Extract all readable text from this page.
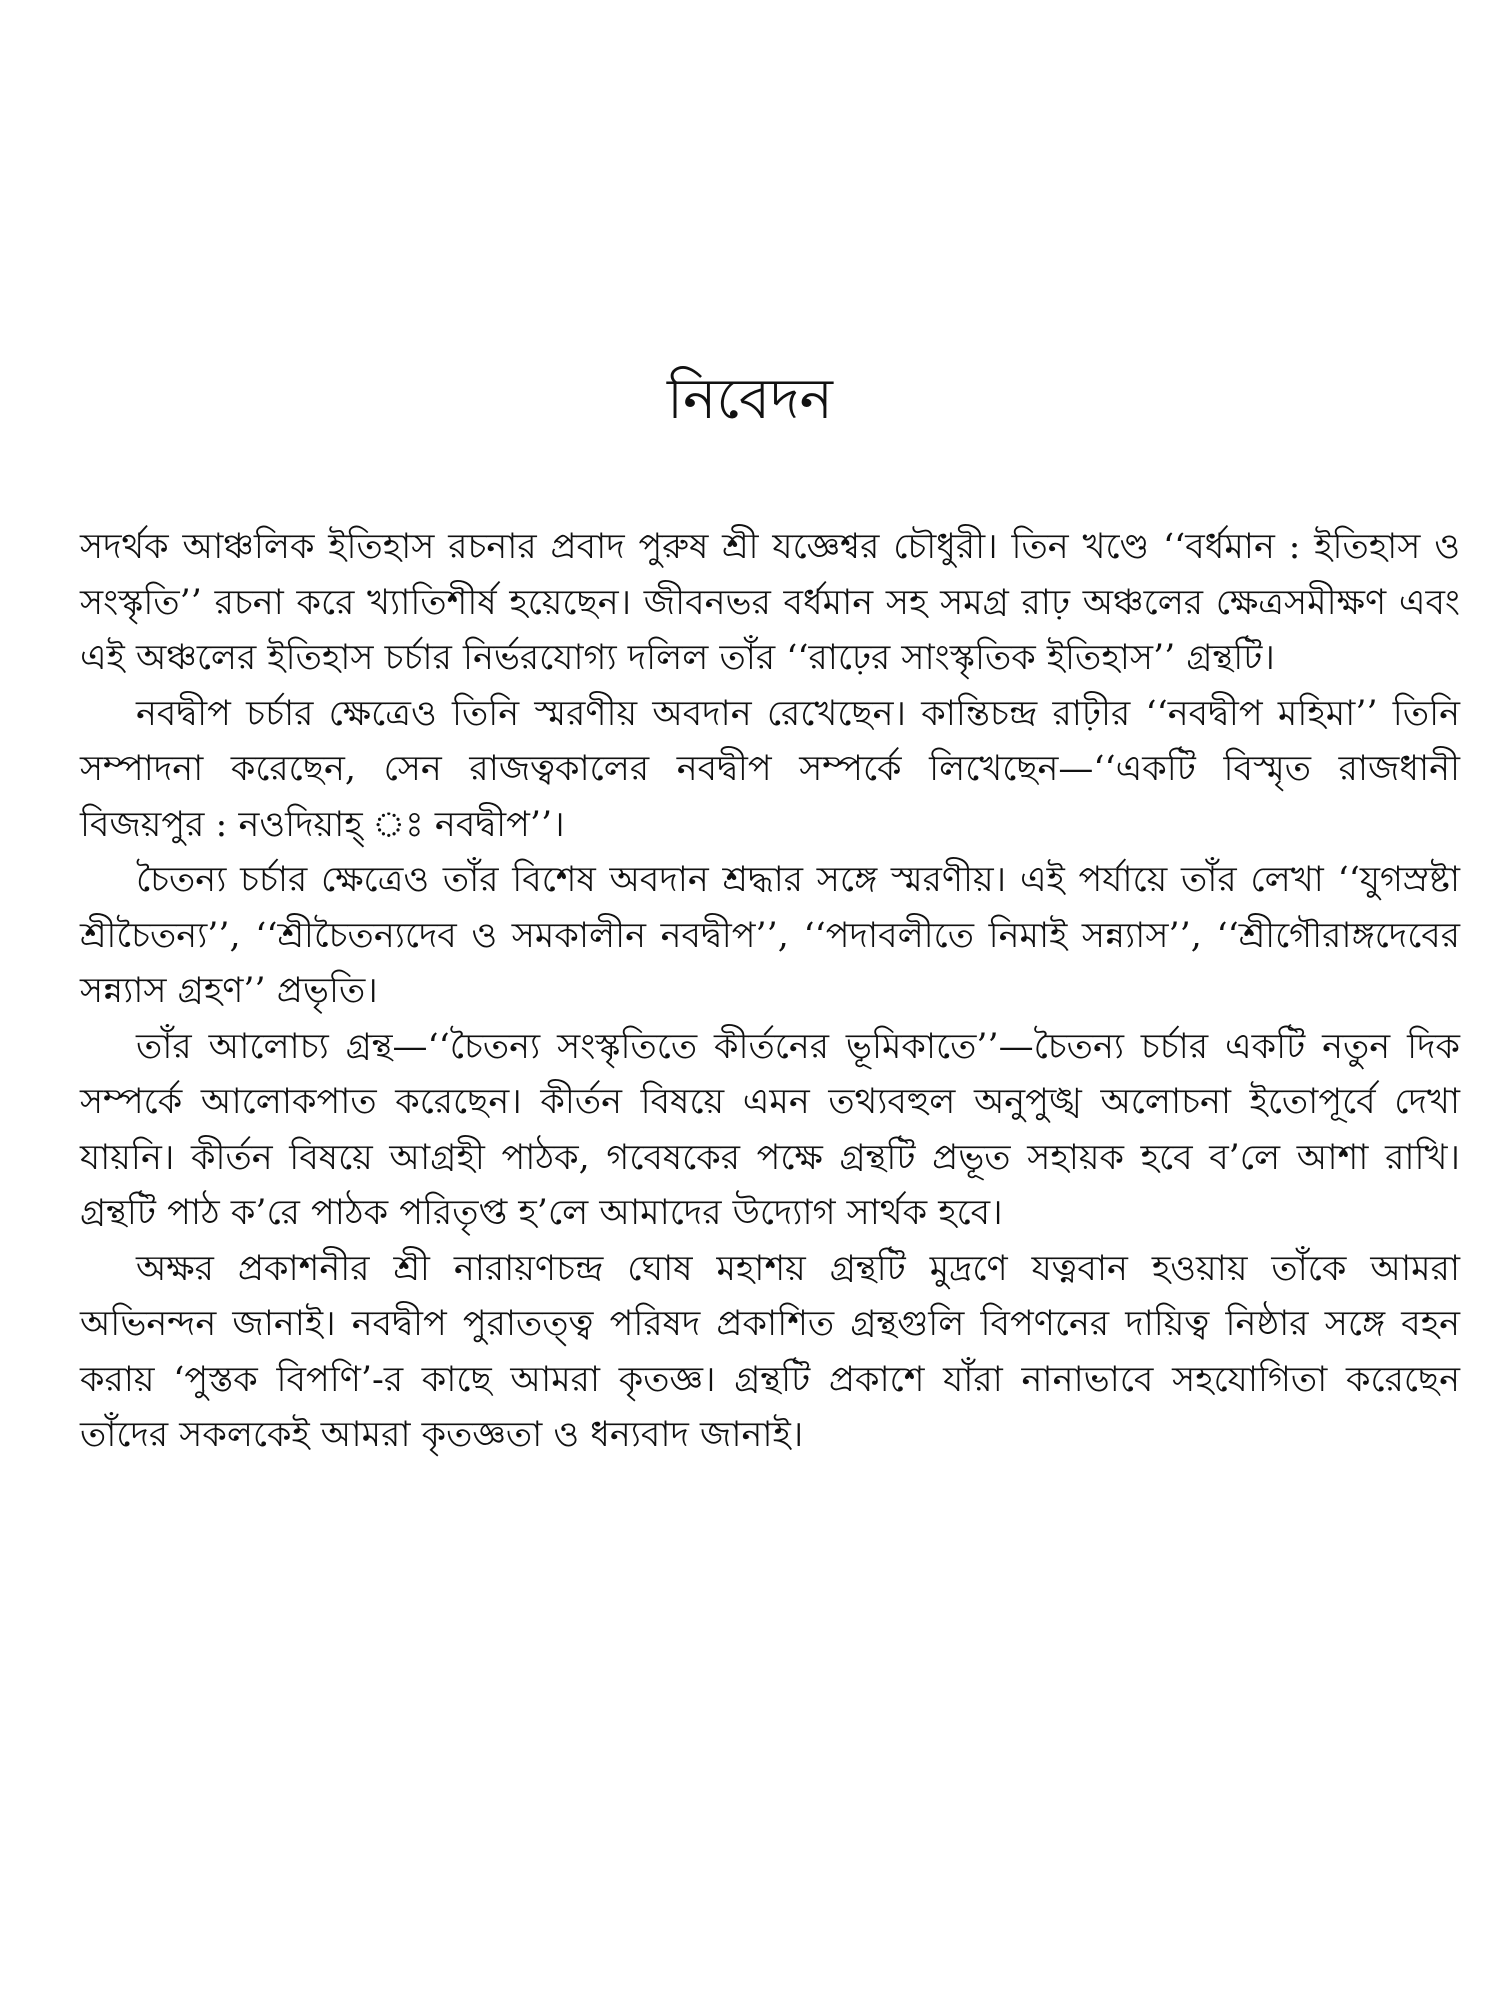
নিবেদন

সদর্থক আঞ্চলিক ইতিহাস রচনার প্রবাদ পুরুষ শ্রী যজ্ঞেশ্বর চৌধুরী। তিন খণ্ডে ‘‘বর্ধমান : ইতিহাস ও সংস্কৃতি’’ রচনা করে খ্যাতিশীর্ষ হয়েছেন। জীবনভর বর্ধমান সহ সমগ্র রাঢ় অঞ্চলের ক্ষেত্রসমীক্ষণ এবং এই অঞ্চলের ইতিহাস চর্চার নির্ভরযোগ্য দলিল তাঁর ‘‘রাঢ়ের সাংস্কৃতিক ইতিহাস’’ গ্রন্থটি।

নবদ্বীপ চর্চার ক্ষেত্রেও তিনি স্মরণীয় অবদান রেখেছেন। কান্তিচন্দ্র রাঢ়ীর ‘‘নবদ্বীপ মহিমা’’ তিনি সম্পাদনা করেছেন, সেন রাজত্বকালের নবদ্বীপ সম্পর্কে লিখেছেন—‘‘একটি বিস্মৃত রাজধানী বিজয়পুর : নওদিয়াহ্‌ ঃ নবদ্বীপ’’।

চৈতন্য চর্চার ক্ষেত্রেও তাঁর বিশেষ অবদান শ্রদ্ধার সঙ্গে স্মরণীয়। এই পর্যায়ে তাঁর লেখা ‘‘যুগস্রষ্টা শ্রীচৈতন্য’’, ‘‘শ্রীচৈতন্যদেব ও সমকালীন নবদ্বীপ’’, ‘‘পদাবলীতে নিমাই সন্ন্যাস’’, ‘‘শ্রীগৌরাঙ্গদেবের সন্ন্যাস গ্রহণ’’ প্রভৃতি।

তাঁর আলোচ্য গ্রন্থ—‘‘চৈতন্য সংস্কৃতিতে কীর্তনের ভূমিকাতে’’—চৈতন্য চর্চার একটি নতুন দিক সম্পর্কে আলোকপাত করেছেন। কীর্তন বিষয়ে এমন তথ্যবহুল অনুপুঙ্খ অলোচনা ইতোপূর্বে দেখা যায়নি। কীর্তন বিষয়ে আগ্রহী পাঠক, গবেষকের পক্ষে গ্রন্থটি প্রভূত সহায়ক হবে ব’লে আশা রাখি। গ্রন্থটি পাঠ ক’রে পাঠক পরিতৃপ্ত হ’লে আমাদের উদ্যোগ সার্থক হবে।

অক্ষর প্রকাশনীর শ্রী নারায়ণচন্দ্র ঘোষ মহাশয় গ্রন্থটি মুদ্রণে যত্নবান হওয়ায় তাঁকে আমরা অভিনন্দন জানাই। নবদ্বীপ পুরাতত্ত্ব পরিষদ প্রকাশিত গ্রন্থগুলি বিপণনের দায়িত্ব নিষ্ঠার সঙ্গে বহন করায় ‘পুস্তক বিপণি’-র কাছে আমরা কৃতজ্ঞ। গ্রন্থটি প্রকাশে যাঁরা নানাভাবে সহযোগিতা করেছেন তাঁদের সকলকেই আমরা কৃতজ্ঞতা ও ধন্যবাদ জানাই।
